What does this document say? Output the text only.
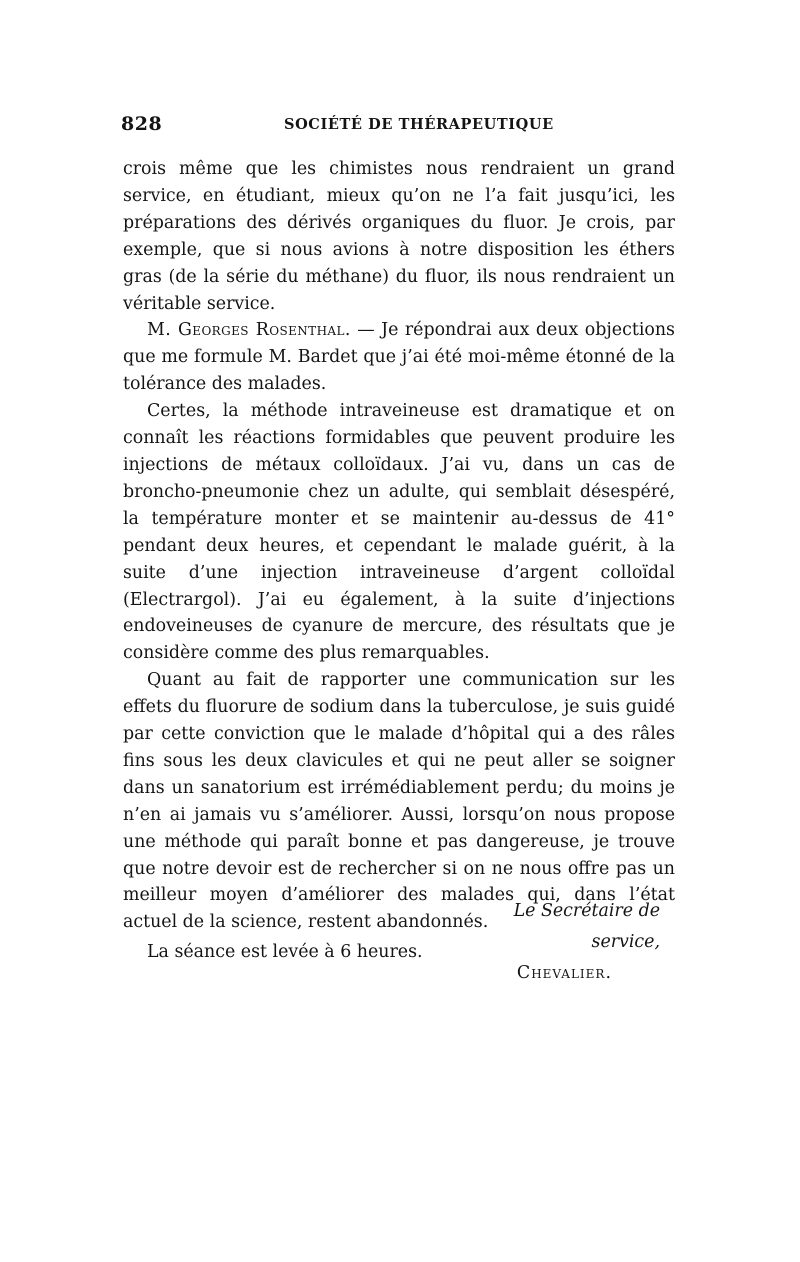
828	SOCIÉTÉ DE THÉRAPEUTIQUE

crois même que les chimistes nous rendraient un grand service, en étudiant, mieux qu’on ne l’a fait jusqu’ici, les préparations des dérivés organiques du fluor. Je crois, par exemple, que si nous avions à notre disposition les éthers gras (de la série du méthane) du fluor, ils nous rendraient un véritable service.

M. Georges Rosenthal. — Je répondrai aux deux objections que me formule M. Bardet que j’ai été moi-même étonné de la tolérance des malades.

Certes, la méthode intraveineuse est dramatique et on connaît les réactions formidables que peuvent produire les injections de métaux colloïdaux. J’ai vu, dans un cas de broncho-pneumonie chez un adulte, qui semblait désespéré, la température monter et se maintenir au-dessus de 41° pendant deux heures, et cependant le malade guérit, à la suite d’une injection intraveineuse d’argent colloïdal (Electrargol). J’ai eu également, à la suite d’injections endoveineuses de cyanure de mercure, des résultats que je considère comme des plus remarquables.

Quant au fait de rapporter une communication sur les effets du fluorure de sodium dans la tuberculose, je suis guidé par cette conviction que le malade d’hôpital qui a des râles fins sous les deux clavicules et qui ne peut aller se soigner dans un sanatorium est irrémédiablement perdu; du moins je n’en ai jamais vu s’améliorer. Aussi, lorsqu’on nous propose une méthode qui paraît bonne et pas dangereuse, je trouve que notre devoir est de rechercher si on ne nous offre pas un meilleur moyen d’améliorer des malades qui, dans l’état actuel de la science, restent abandonnés.

La séance est levée à 6 heures.

Le Secrétaire de service,
Chevalier.
